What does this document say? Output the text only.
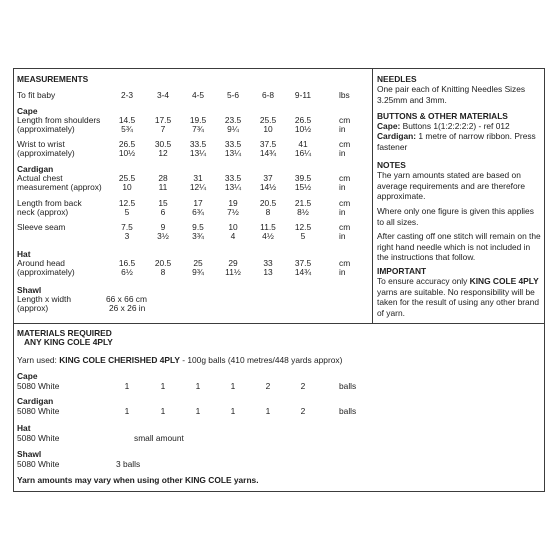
MEASUREMENTS
To fit baby	2-3	3-4	4-5	5-6	6-8	9-11	lbs
Cape
Length from shoulders
(approximately)
14.5	17.5	19.5	23.5	25.5	26.5	cm
5¾	7	7¾	9¼	10	10½	in
Wrist to wrist
(approximately)
26.5	30.5	33.5	33.5	37.5	41	cm
10½	12	13¼	13¼	14¾	16¼	in
Cardigan
Actual chest
measurement (approx)
25.5	28	31	33.5	37	39.5	cm
10	11	12¼	13¼	14½	15½	in
Length from back
neck (approx)
12.5	15	17	19	20.5	21.5	cm
5	6	6¾	7½	8	8½	in
Sleeve seam	7.5	9	9.5	10	11.5	12.5	cm
3	3½	3¾	4	4½	5	in
Hat
Around head
(approximately)
16.5	20.5	25	29	33	37.5	cm
6½	8	9¾	11½	13	14¾	in
Shawl
Length x width
(approx)
66 x 66 cm
26 x 26 in
NEEDLES
One pair each of Knitting Needles Sizes 3.25mm and 3mm.
BUTTONS & OTHER MATERIALS
Cape: Buttons 1(1:2:2:2:2) - ref 012
Cardigan: 1 metre of narrow ribbon. Press fastener
NOTES
The yarn amounts stated are based on average requirements and are therefore approximate.
Where only one figure is given this applies to all sizes.
After casting off one stitch will remain on the right hand needle which is not included in the instructions that follow.
IMPORTANT
To ensure accuracy only KING COLE 4PLY yarns are suitable. No responsibility will be taken for the result of using any other brand of yarn.
MATERIALS REQUIRED
ANY KING COLE 4PLY
Yarn used: KING COLE CHERISHED 4PLY - 100g balls (410 metres/448 yards approx)
Cape
5080 White	1	1	1	1	2	2	balls
Cardigan
5080 White	1	1	1	1	1	2	balls
Hat
5080 White	small amount
Shawl
5080 White	3 balls
Yarn amounts may vary when using other KING COLE yarns.
